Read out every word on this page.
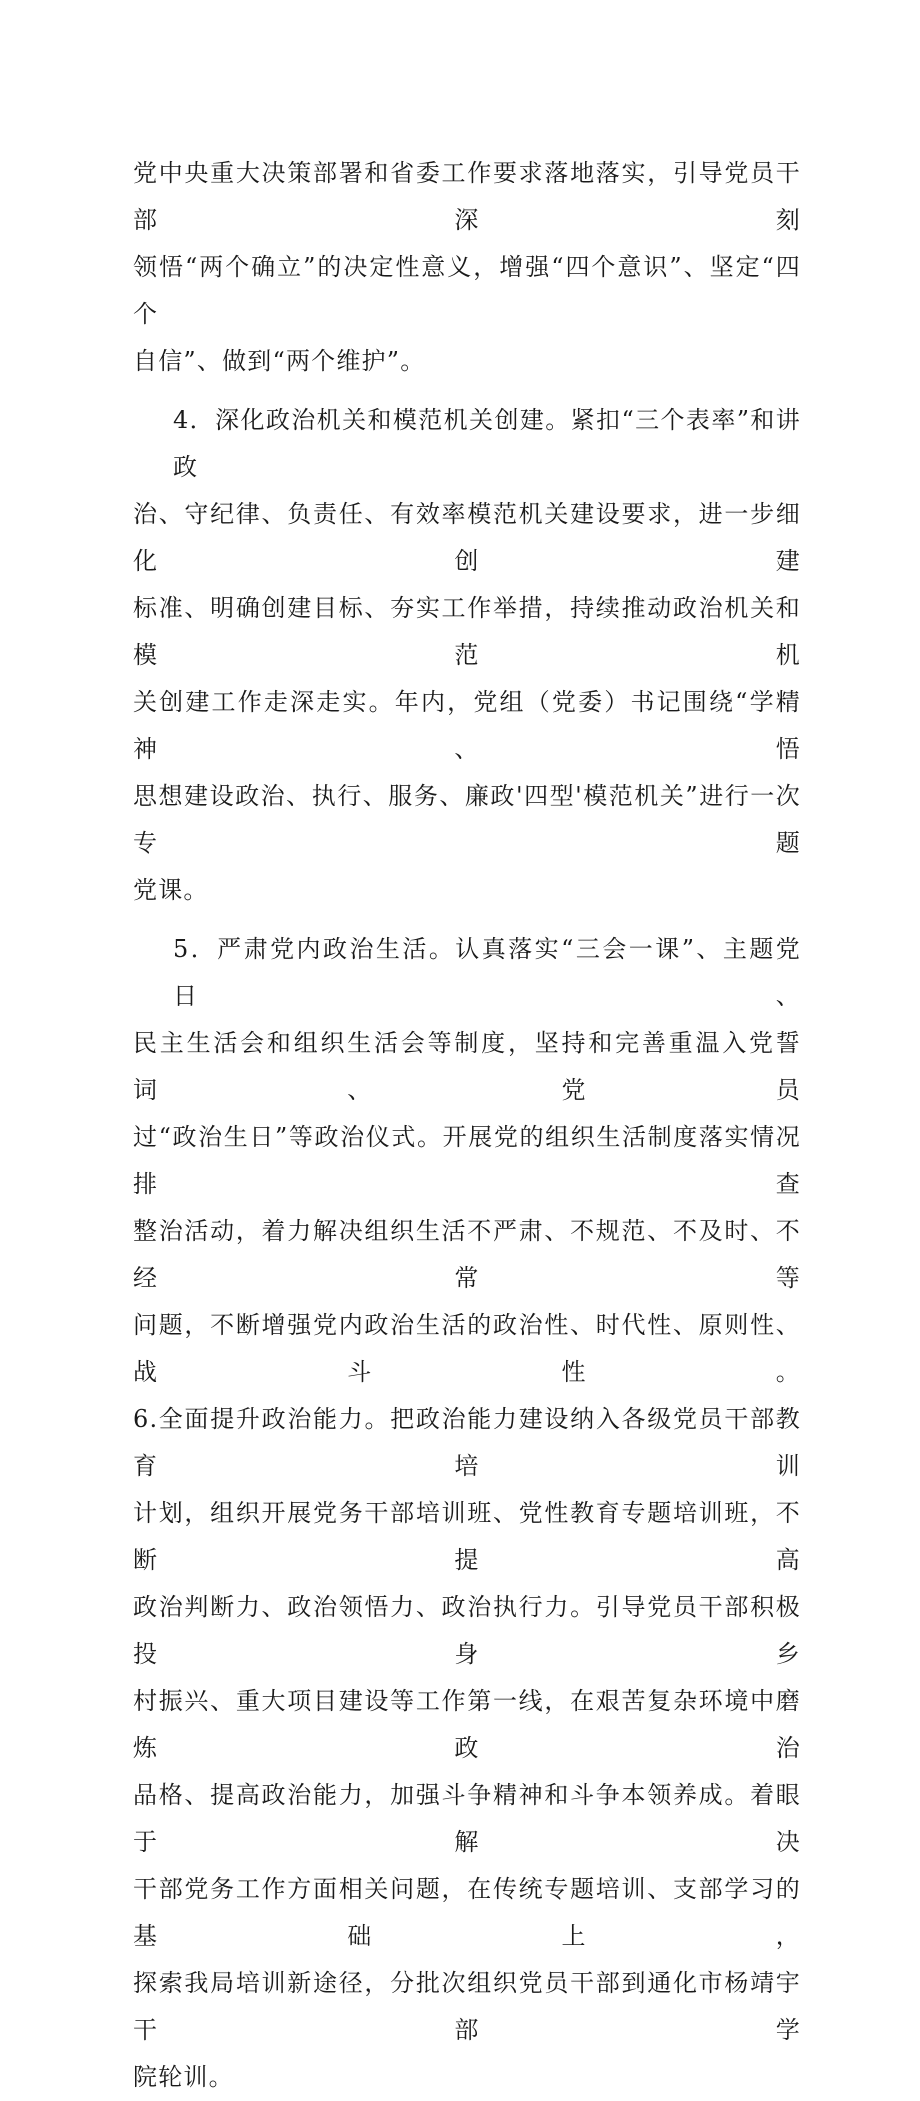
党中央重大决策部署和省委工作要求落地落实，引导党员干部深刻
领悟“两个确立”的决定性意义，增强“四个意识”、坚定“四个
自信”、做到“两个维护”。

4．深化政治机关和模范机关创建。紧扣“三个表率”和讲政
治、守纪律、负责任、有效率模范机关建设要求，进一步细化创建
标准、明确创建目标、夯实工作举措，持续推动政治机关和模范机
关创建工作走深走实。年内，党组（党委）书记围绕“学精神、悟
思想建设政治、执行、服务、廉政'四型'模范机关”进行一次专题
党课。

5．严肃党内政治生活。认真落实“三会一课”、主题党日、
民主生活会和组织生活会等制度，坚持和完善重温入党誓词、党员
过“政治生日”等政治仪式。开展党的组织生活制度落实情况排查
整治活动，着力解决组织生活不严肃、不规范、不及时、不经常等
问题，不断增强党内政治生活的政治性、时代性、原则性、战斗性。
6.全面提升政治能力。把政治能力建设纳入各级党员干部教育培训
计划，组织开展党务干部培训班、党性教育专题培训班，不断提高
政治判断力、政治领悟力、政治执行力。引导党员干部积极投身乡
村振兴、重大项目建设等工作第一线，在艰苦复杂环境中磨炼政治
品格、提高政治能力，加强斗争精神和斗争本领养成。着眼于解决
干部党务工作方面相关问题，在传统专题培训、支部学习的基础上，
探索我局培训新途径，分批次组织党员干部到通化市杨靖宇干部学
院轮训。
